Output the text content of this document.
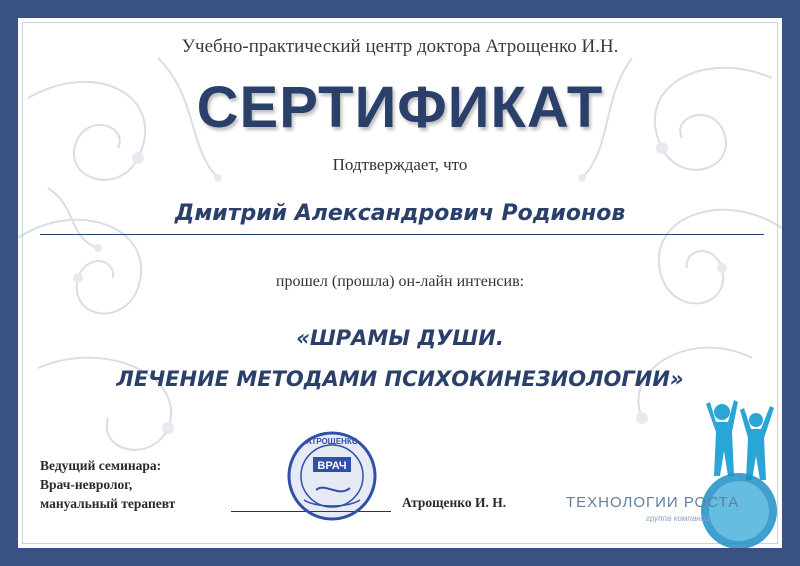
Учебно-практический центр доктора Атрощенко И.Н.
СЕРТИФИКАТ
Подтверждает, что
Дмитрий Александрович Родионов
прошел (прошла) он-лайн интенсив:
«ШРАМЫ ДУШИ.
ЛЕЧЕНИЕ МЕТОДАМИ ПСИХОКИНЕЗИОЛОГИИ»
Ведущий семинара:
Врач-невролог,
мануальный терапевт	Атрощенко И. Н.
ВРАЧ
АТРОЩЕНКО
ТЕХНОЛОГИИ РОСТА
группа компаний
